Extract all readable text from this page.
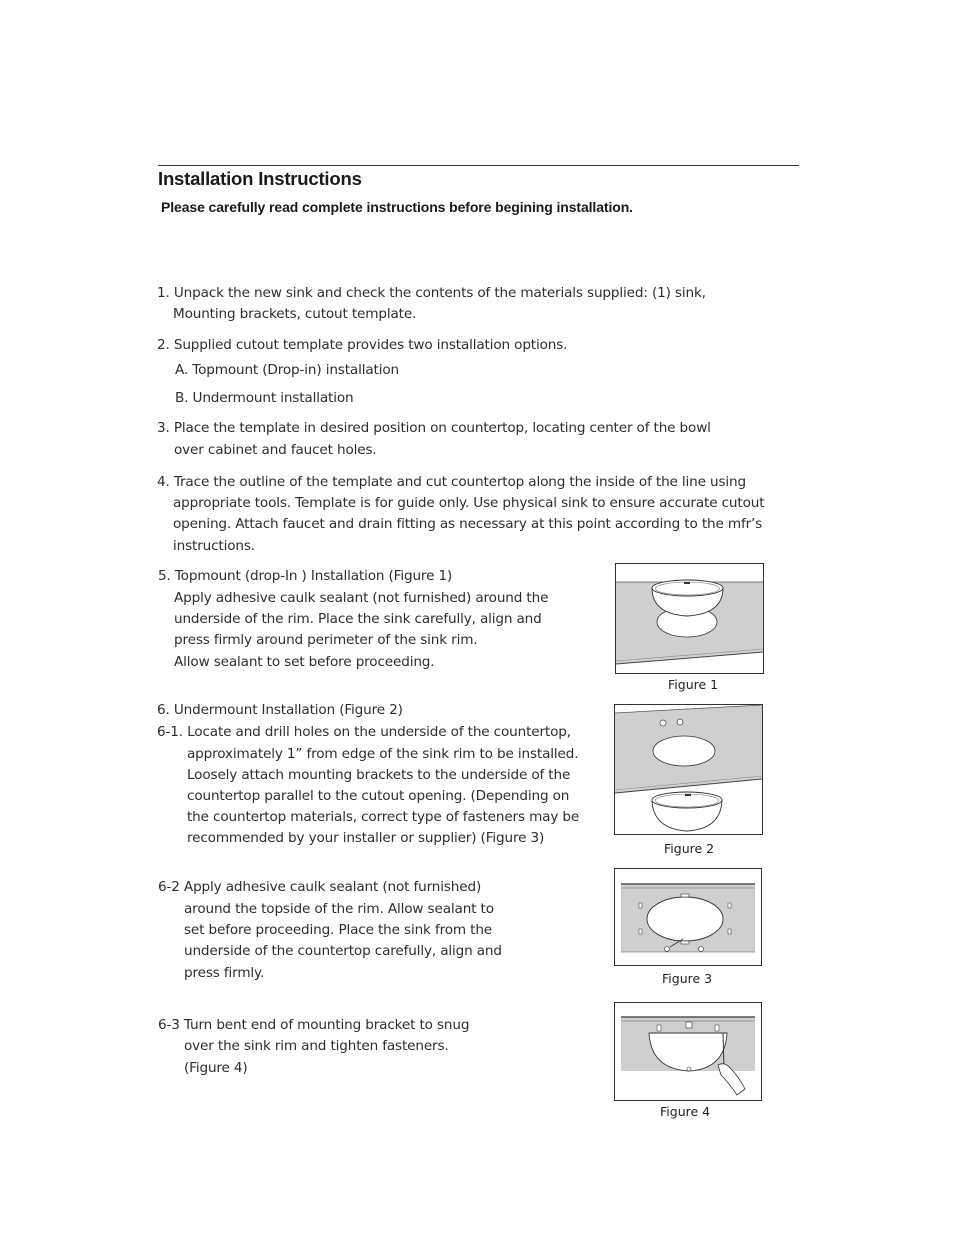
Installation Instructions
Please carefully read complete instructions before begining installation.
1. Unpack the new sink and check the contents of the materials supplied: (1) sink,
Mounting brackets, cutout template.
2. Supplied cutout template provides two installation options.
A. Topmount (Drop-in) installation
B. Undermount installation
3. Place the template in desired position on countertop, locating center of the bowl
over cabinet and faucet holes.
4. Trace the outline of the template and cut countertop along the inside of the line using
appropriate tools. Template is for guide only. Use physical sink to ensure accurate cutout
opening. Attach faucet and drain fitting as necessary at this point according to the mfr’s
instructions.
5. Topmount (drop-In ) Installation (Figure 1)
Apply adhesive caulk sealant (not furnished) around the
underside of the rim. Place the sink carefully, align and
press firmly around perimeter of the sink rim.
Allow sealant to set before proceeding.
6. Undermount Installation (Figure 2)
6-1. Locate and drill holes on the underside of the countertop,
approximately 1” from edge of the sink rim to be installed.
Loosely attach mounting brackets to the underside of the
countertop parallel to the cutout opening. (Depending on
the countertop materials, correct type of fasteners may be
recommended by your installer or supplier) (Figure 3)
6-2 Apply adhesive caulk sealant (not furnished)
around the topside of the rim. Allow sealant to
set before proceeding. Place the sink from the
underside of the countertop carefully, align and
press firmly.
6-3 Turn bent end of mounting bracket to snug
over the sink rim and tighten fasteners.
(Figure 4)
Figure 1
Figure 2
Figure 3
Figure 4
